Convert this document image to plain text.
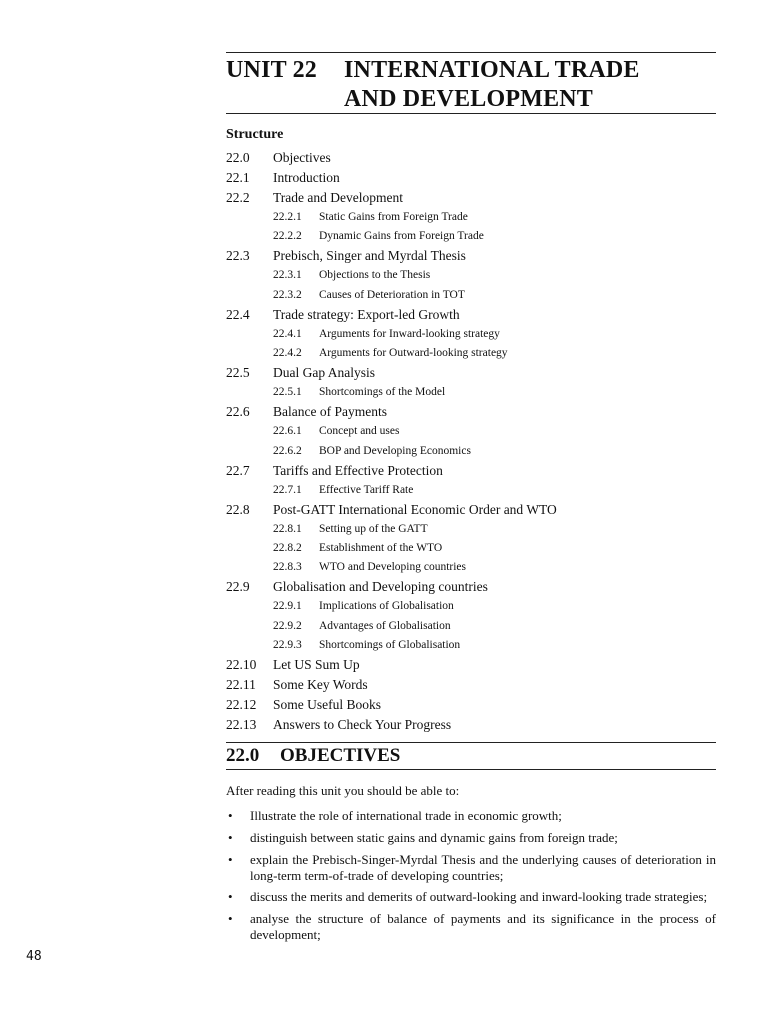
UNIT 22 INTERNATIONAL TRADE
AND DEVELOPMENT
Structure
22.0 Objectives
22.1 Introduction
22.2 Trade and Development
22.2.1 Static Gains from Foreign Trade
22.2.2 Dynamic Gains from Foreign Trade
22.3 Prebisch, Singer and Myrdal Thesis
22.3.1 Objections to the Thesis
22.3.2 Causes of Deterioration in TOT
22.4 Trade strategy: Export-led Growth
22.4.1 Arguments for Inward-looking strategy
22.4.2 Arguments for Outward-looking strategy
22.5 Dual Gap Analysis
22.5.1 Shortcomings of the Model
22.6 Balance of Payments
22.6.1 Concept and uses
22.6.2 BOP and Developing Economics
22.7 Tariffs and Effective Protection
22.7.1 Effective Tariff Rate
22.8 Post-GATT International Economic Order and WTO
22.8.1 Setting up of the GATT
22.8.2 Establishment of the WTO
22.8.3 WTO and Developing countries
22.9 Globalisation and Developing countries
22.9.1 Implications of Globalisation
22.9.2 Advantages of Globalisation
22.9.3 Shortcomings of Globalisation
22.10 Let US Sum Up
22.11 Some Key Words
22.12 Some Useful Books
22.13 Answers to Check Your Progress
22.0 OBJECTIVES
After reading this unit you should be able to:
• Illustrate the role of international trade in economic growth;
• distinguish between static gains and dynamic gains from foreign trade;
• explain the Prebisch-Singer-Myrdal Thesis and the underlying causes of deterioration in long-term term-of-trade of developing countries;
• discuss the merits and demerits of outward-looking and inward-looking trade strategies;
• analyse the structure of balance of payments and its significance in the process of development;
48
